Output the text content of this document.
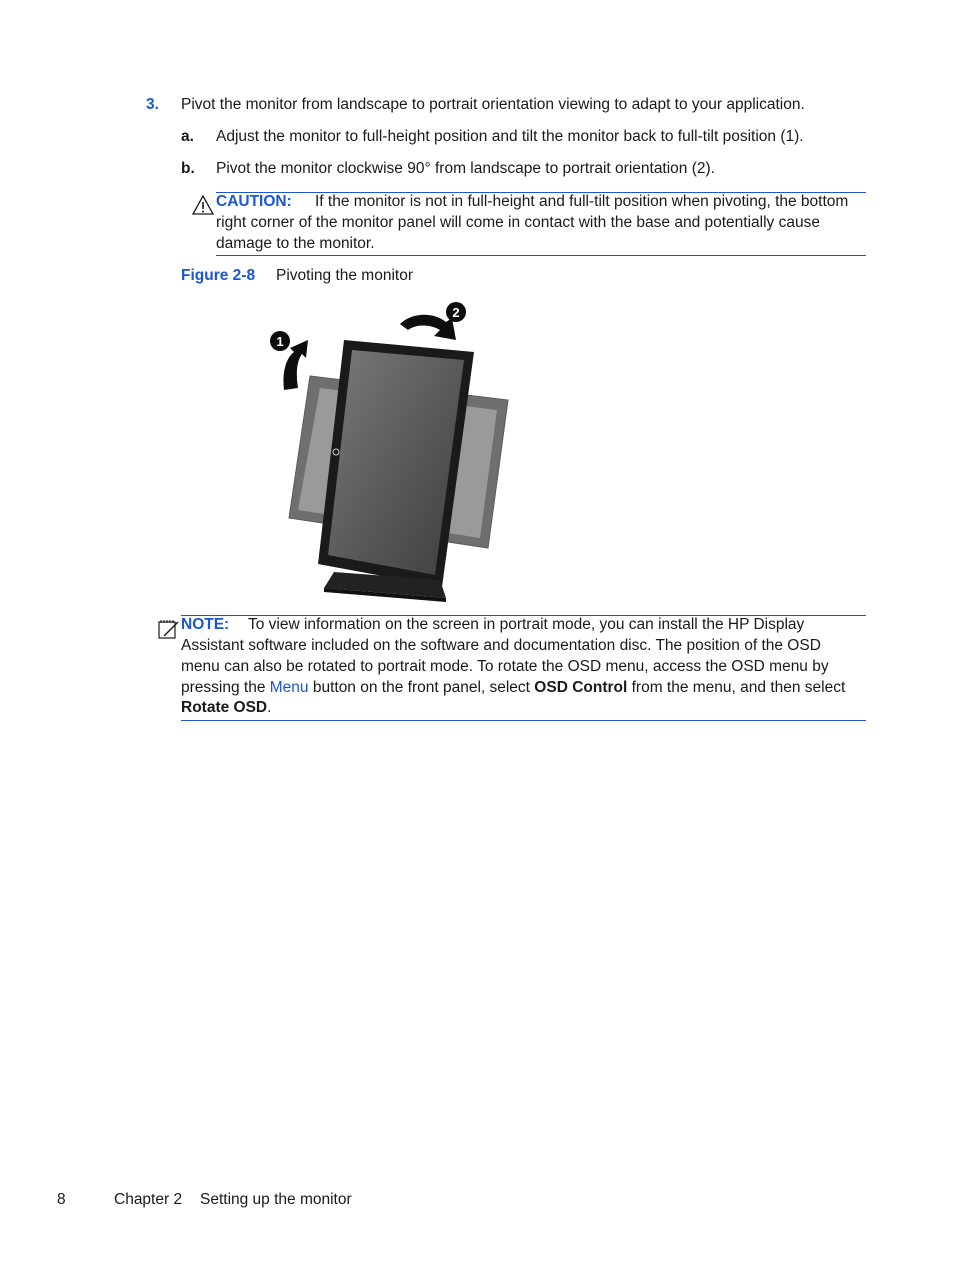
3. Pivot the monitor from landscape to portrait orientation viewing to adapt to your application.
a. Adjust the monitor to full-height position and tilt the monitor back to full-tilt position (1).
b. Pivot the monitor clockwise 90° from landscape to portrait orientation (2).
CAUTION: If the monitor is not in full-height and full-tilt position when pivoting, the bottom
right corner of the monitor panel will come in contact with the base and potentially cause
damage to the monitor.
Figure 2-8 Pivoting the monitor
1
2
NOTE: To view information on the screen in portrait mode, you can install the HP Display
Assistant software included on the software and documentation disc. The position of the OSD
menu can also be rotated to portrait mode. To rotate the OSD menu, access the OSD menu by
pressing the Menu button on the front panel, select OSD Control from the menu, and then select
Rotate OSD.
8	Chapter 2 Setting up the monitor
